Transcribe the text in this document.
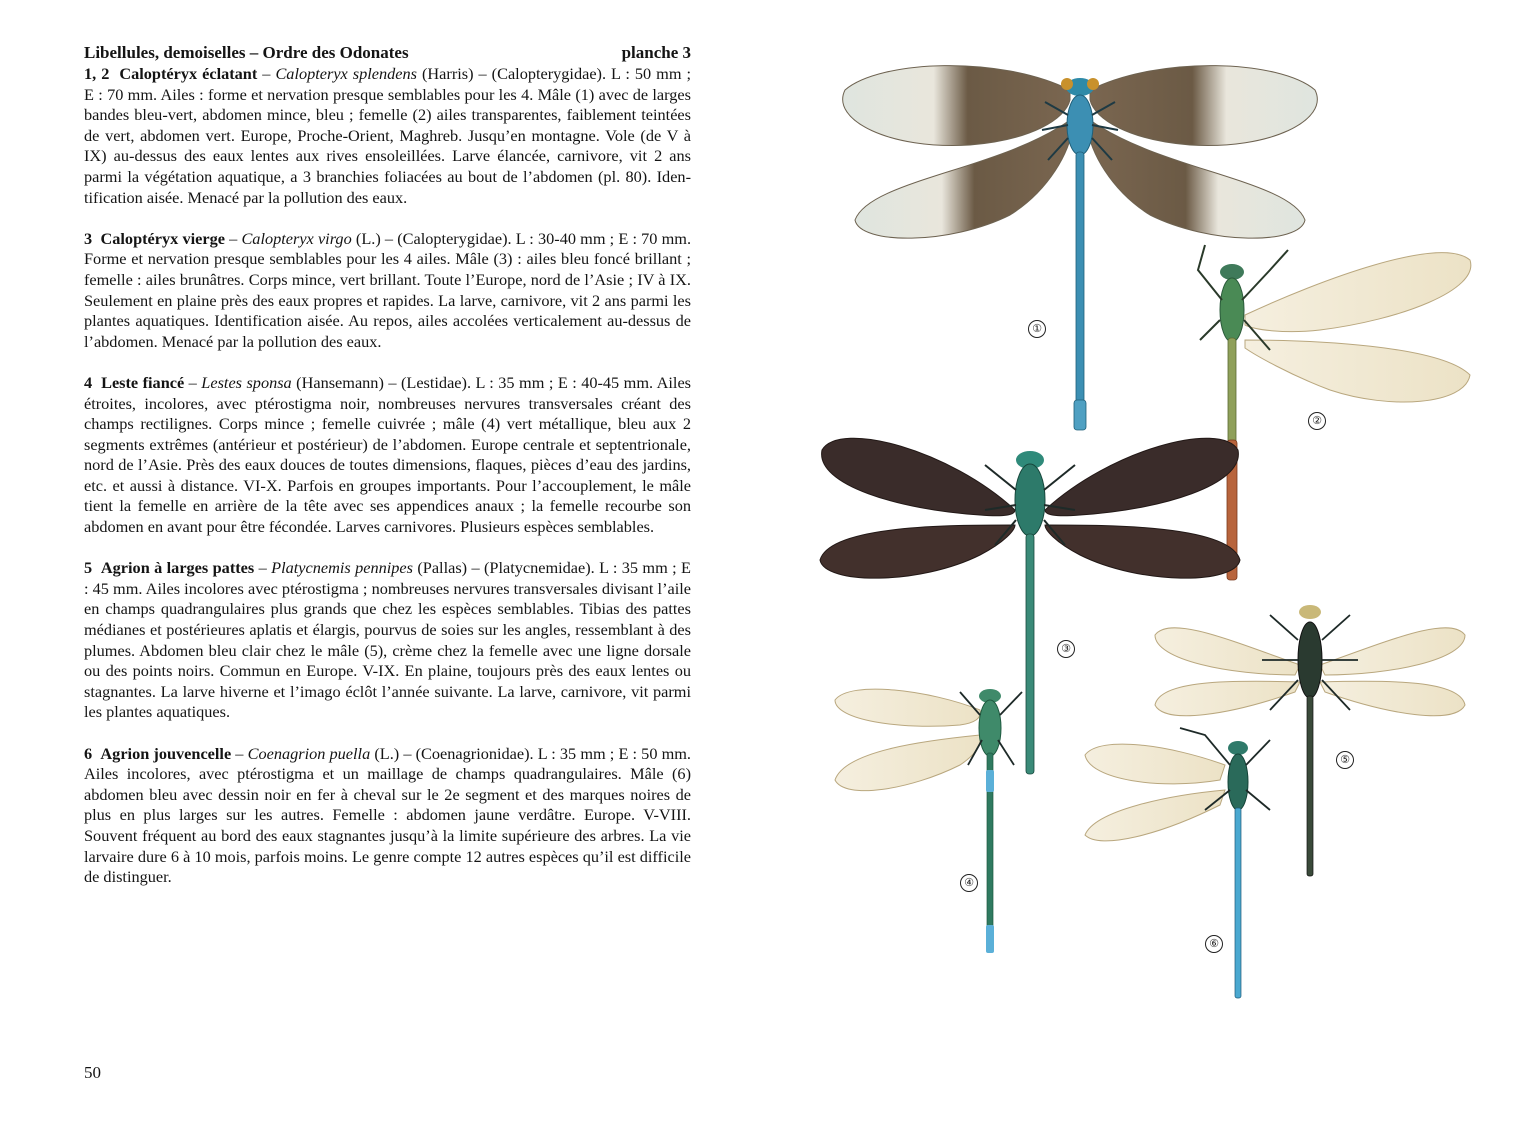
Libellules, demoiselles – Ordre des Odonates	planche 3

1, 2 Caloptéryx éclatant – Calopteryx splendens (Harris) – (Calopterygidae). L : 50 mm ; E : 70 mm. Ailes : forme et nervation presque semblables pour les 4. Mâle (1) avec de larges bandes bleu-vert, abdomen mince, bleu ; femelle (2) ailes transparentes, faiblement teintées de vert, abdomen vert. Europe, Proche-Orient, Maghreb. Jusqu’en montagne. Vole (de V à IX) au-dessus des eaux lentes aux rives ensoleillées. Larve élancée, carnivore, vit 2 ans parmi la végétation aquatique, a 3 branchies foliacées au bout de l’abdomen (pl. 80). Identification aisée. Menacé par la pollution des eaux.

3 Caloptéryx vierge – Calopteryx virgo (L.) – (Calopterygidae). L : 30-40 mm ; E : 70 mm. Forme et nervation presque semblables pour les 4 ailes. Mâle (3) : ailes bleu foncé brillant ; femelle : ailes brunâtres. Corps mince, vert brillant. Toute l’Europe, nord de l’Asie ; IV à IX. Seulement en plaine près des eaux propres et rapides. La larve, carnivore, vit 2 ans parmi les plantes aquatiques. Identification aisée. Au repos, ailes accolées verticalement au-dessus de l’abdomen. Menacé par la pollution des eaux.

4 Leste fiancé – Lestes sponsa (Hansemann) – (Lestidae). L : 35 mm ; E : 40-45 mm. Ailes étroites, incolores, avec ptérostigma noir, nombreuses nervures transversales créant des champs rectilignes. Corps mince ; femelle cuivrée ; mâle (4) vert métallique, bleu aux 2 segments extrêmes (antérieur et postérieur) de l’abdomen. Europe centrale et septentrionale, nord de l’Asie. Près des eaux douces de toutes dimensions, flaques, pièces d’eau des jardins, etc. et aussi à distance. VI-X. Parfois en groupes importants. Pour l’accouplement, le mâle tient la femelle en arrière de la tête avec ses appendices anaux ; la femelle recourbe son abdomen en avant pour être fécondée. Larves carnivores. Plusieurs espèces semblables.

5 Agrion à larges pattes – Platycnemis pennipes (Pallas) – (Platycnemidae). L : 35 mm ; E : 45 mm. Ailes incolores avec ptérostigma ; nombreuses nervures transversales divisant l’aile en champs quadrangulaires plus grands que chez les espèces semblables. Tibias des pattes médianes et postérieures aplatis et élargis, pourvus de soies sur les angles, ressemblant à des plumes. Abdomen bleu clair chez le mâle (5), crème chez la femelle avec une ligne dorsale ou des points noirs. Commun en Europe. V-IX. En plaine, toujours près des eaux lentes ou stagnantes. La larve hiverne et l’imago éclôt l’année suivante. La larve, carnivore, vit parmi les plantes aquatiques.

6 Agrion jouvencelle – Coenagrion puella (L.) – (Coenagrionidae). L : 35 mm ; E : 50 mm. Ailes incolores, avec ptérostigma et un maillage de champs quadrangulaires. Mâle (6) abdomen bleu avec dessin noir en fer à cheval sur le 2e segment et des marques noires de plus en plus larges sur les autres. Femelle : abdomen jaune verdâtre. Europe. V-VIII. Souvent fréquent au bord des eaux stagnantes jusqu’à la limite supérieure des arbres. La vie larvaire dure 6 à 10 mois, parfois moins. Le genre compte 12 autres espèces qu’il est difficile de distinguer.

50
①
②
③
④
⑤
⑥
